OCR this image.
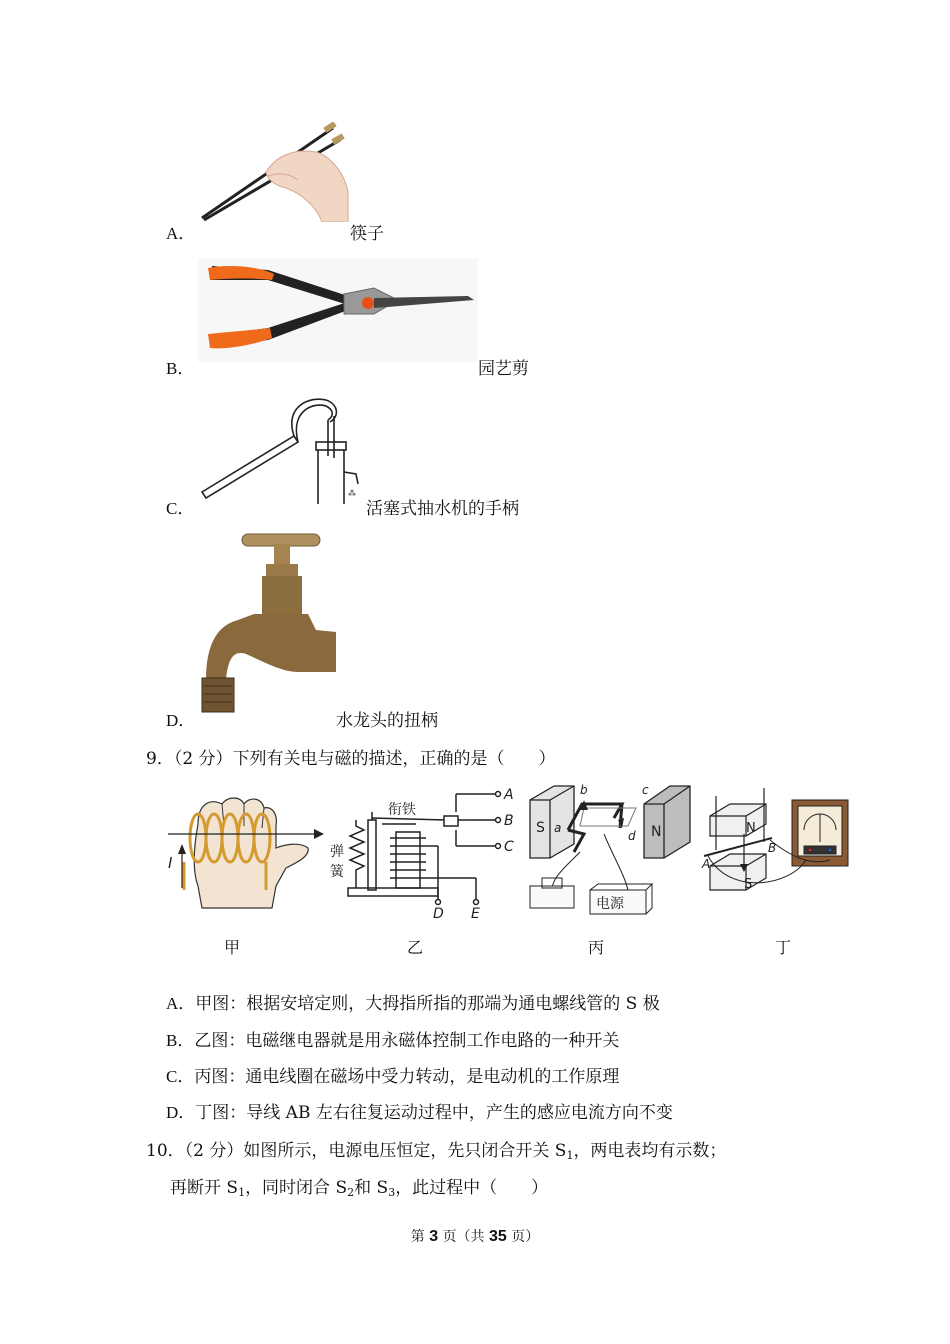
A．	筷子
B．	园艺剪
⁂
C．	活塞式抽水机的手柄
D．	水龙头的扭柄
9．（2 分）下列有关电与磁的描述，正确的是（　　）
I
衔铁
弹
簧
A
B
C
D E
S	N
a
b	c
d
电源
N
S
A
B
甲	乙	丙	丁
A．甲图：根据安培定则，大拇指所指的那端为通电螺线管的 S 极
B．乙图：电磁继电器就是用永磁体控制工作电路的一种开关
C．丙图：通电线圈在磁场中受力转动，是电动机的工作原理
D．丁图：导线 AB 左右往复运动过程中，产生的感应电流方向不变
10．（2 分）如图所示，电源电压恒定，先只闭合开关 $S_1$，两电表均有示数；
再断开 $S_1$，同时闭合 $S_2$和 $S_3$，此过程中（　　）
第 3 页（共 35 页）
